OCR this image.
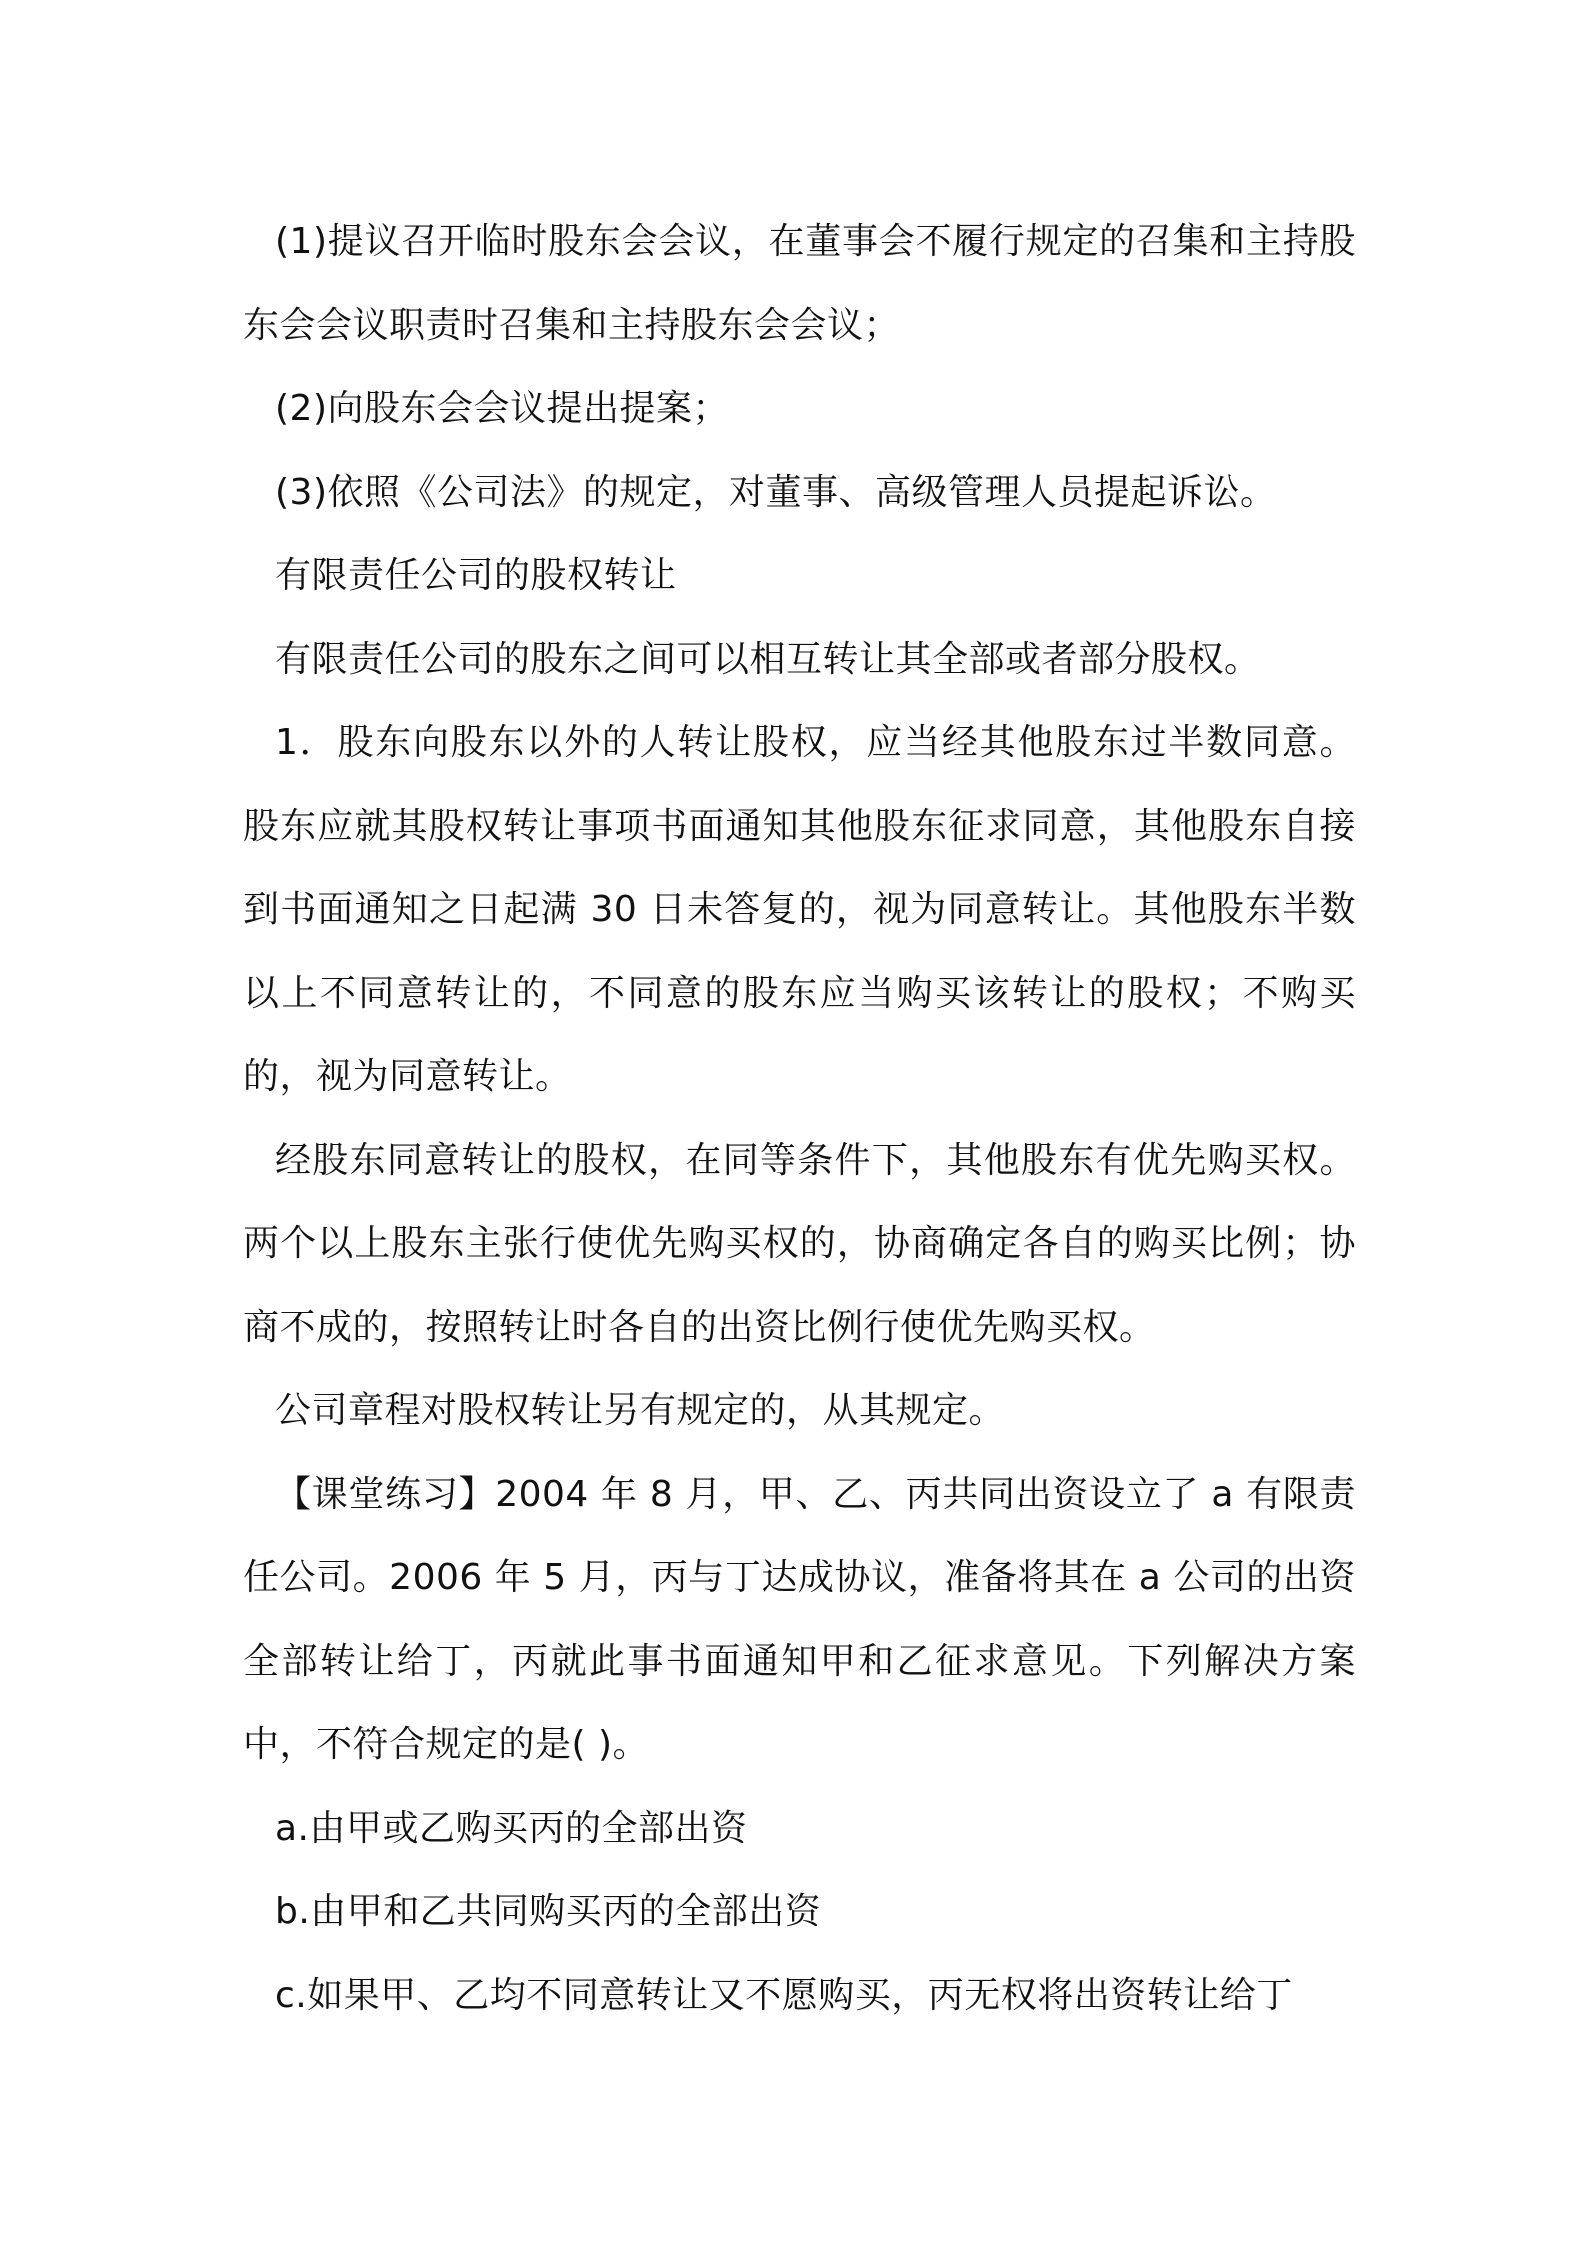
(1)提议召开临时股东会会议，在董事会不履行规定的召集和主持股东会会议职责时召集和主持股东会会议；

(2)向股东会会议提出提案；

(3)依照《公司法》的规定，对董事、高级管理人员提起诉讼。

有限责任公司的股权转让

有限责任公司的股东之间可以相互转让其全部或者部分股权。

1．股东向股东以外的人转让股权，应当经其他股东过半数同意。股东应就其股权转让事项书面通知其他股东征求同意，其他股东自接到书面通知之日起满 30 日未答复的，视为同意转让。其他股东半数以上不同意转让的，不同意的股东应当购买该转让的股权；不购买的，视为同意转让。

经股东同意转让的股权，在同等条件下，其他股东有优先购买权。两个以上股东主张行使优先购买权的，协商确定各自的购买比例；协商不成的，按照转让时各自的出资比例行使优先购买权。

公司章程对股权转让另有规定的，从其规定。

【课堂练习】2004 年 8 月，甲、乙、丙共同出资设立了 a 有限责任公司。2006 年 5 月，丙与丁达成协议，准备将其在 a 公司的出资全部转让给丁，丙就此事书面通知甲和乙征求意见。下列解决方案中，不符合规定的是( )。

a.由甲或乙购买丙的全部出资

b.由甲和乙共同购买丙的全部出资

c.如果甲、乙均不同意转让又不愿购买，丙无权将出资转让给丁
